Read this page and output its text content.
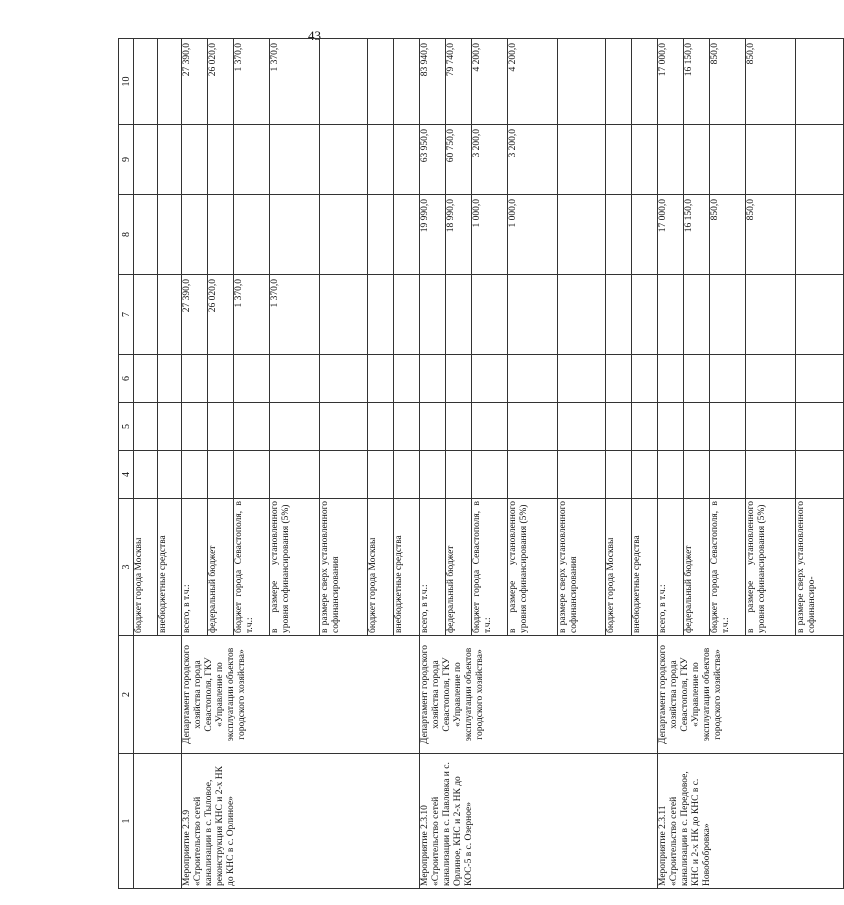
43
1	2	3	4	5	6	7	8	9	10
		бюджет города Москвы							
		внебюджетные средства							
Мероприятие 2.3.9 «Строительство сетей канализации в с. Тыловое, реконструкция КНС и 2-х НК до КНС в с. Орлиное»	Департамент городского хозяйства города Севастополя, ГКУ «Управление по эксплуатации объектов городского хозяйства»	всего, в т.ч.:				27 390,0			27 390,0
		федеральный бюджет				26 020,0			26 020,0
		бюджет города Севастополя, в т.ч.:				1 370,0			1 370,0
		в размере установленного уровня софинансирования (5%)				1 370,0			1 370,0
		в размере сверх установленного софинансирования							
		бюджет города Москвы							
		внебюджетные средства							
Мероприятие 2.3.10 «Строительство сетей канализации в с. Павловка и с. Орлиное, КНС и 2-х НК до КОС-5 в с. Озерное»	Департамент городского хозяйства города Севастополя, ГКУ «Управление по эксплуатации объектов городского хозяйства»	всего, в т.ч.:					19 990,0	63 950,0	83 940,0
		федеральный бюджет					18 990,0	60 750,0	79 740,0
		бюджет города Севастополя, в т.ч.:					1 000,0	3 200,0	4 200,0
		в размере установленного уровня софинансирования (5%)					1 000,0	3 200,0	4 200,0
		в размере сверх установленного софинансирования							
		бюджет города Москвы							
		внебюджетные средства							
Мероприятие 2.3.11 «Строительство сетей канализации в с. Передовое, КНС и 2-х НК до КНС в с. Новобобровка»	Департамент городского хозяйства города Севастополя, ГКУ «Управление по эксплуатации объектов городского хозяйства»	всего, в т.ч.:					17 000,0		17 000,0
		федеральный бюджет					16 150,0		16 150,0
		бюджет города Севастополя, в т.ч.:					850,0		850,0
		в размере установленного уровня софинансирования (5%)					850,0		850,0
		в размере сверх установленного софинансиро-							
